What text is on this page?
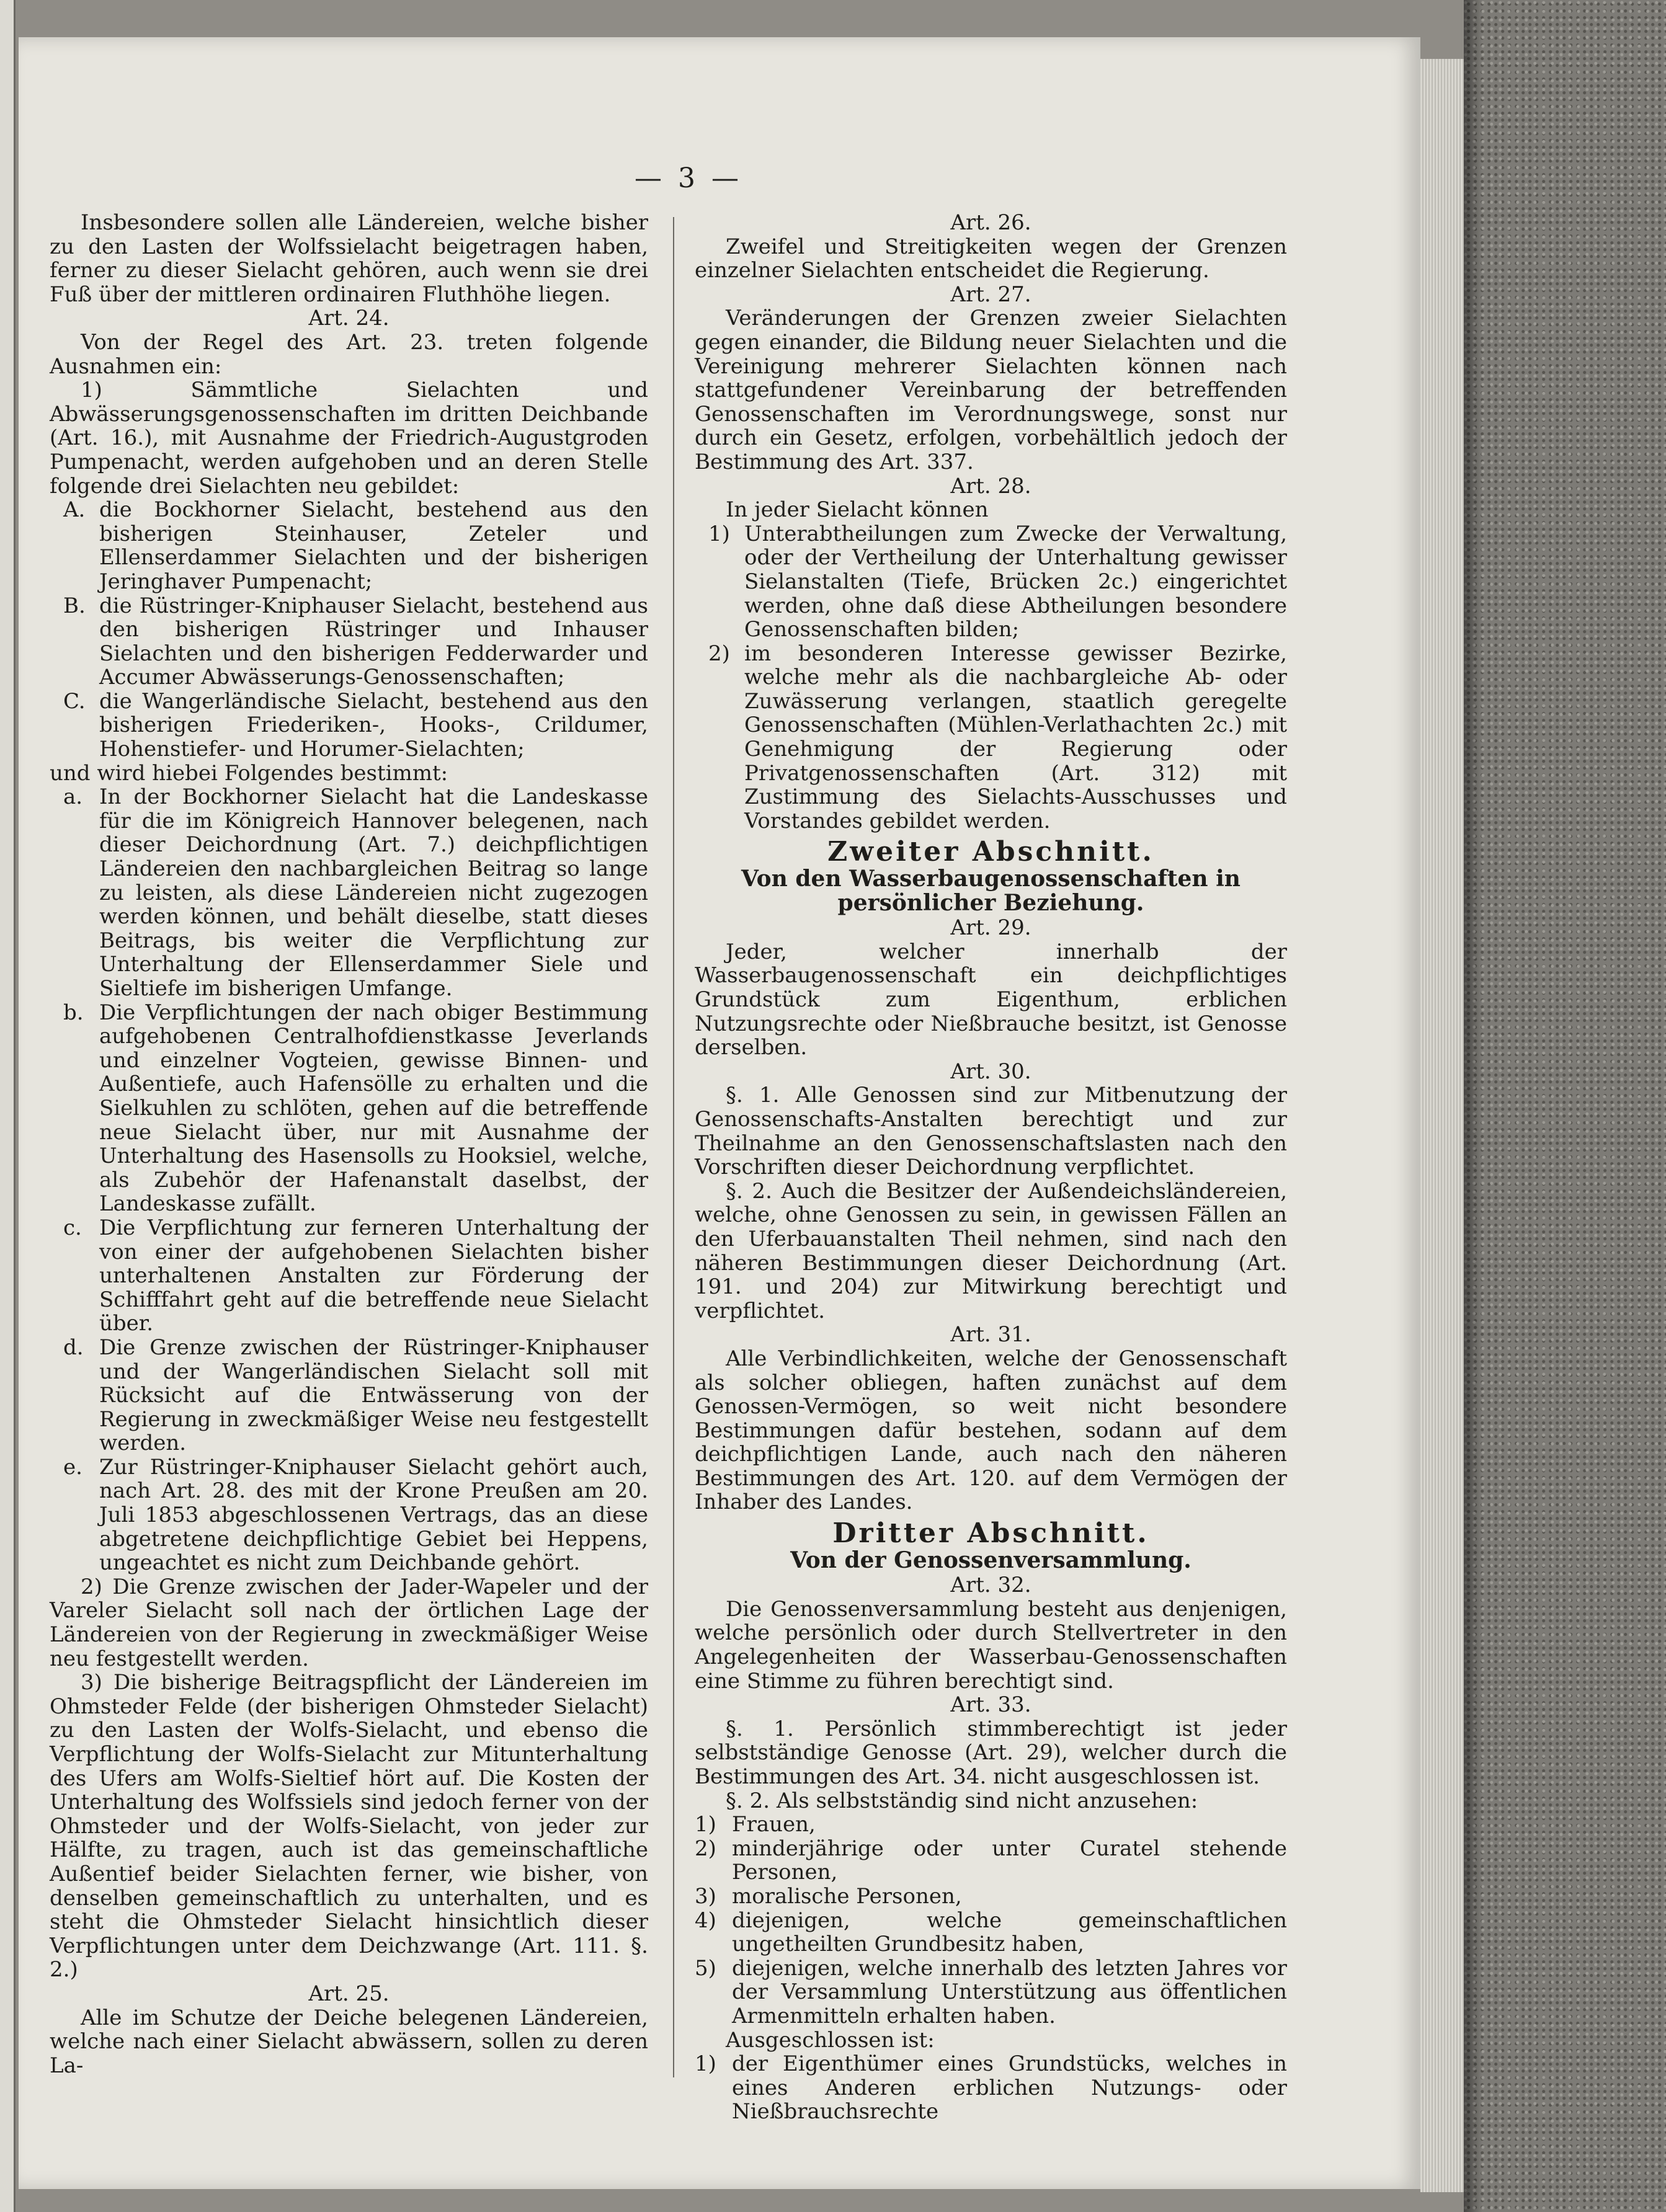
— 3 —

Insbesondere sollen alle Ländereien, welche bisher zu den Lasten der Wolfssielacht beigetragen haben, ferner zu dieser Sielacht gehören, auch wenn sie drei Fuß über der mittleren ordinairen Fluthhöhe liegen.

Art. 24.

Von der Regel des Art. 23. treten folgende Ausnahmen ein:

1) Sämmtliche Sielachten und Abwässerungsgenossenschaften im dritten Deichbande (Art. 16.), mit Ausnahme der Friedrich-Augustgroden Pumpenacht, werden aufgehoben und an deren Stelle folgende drei Sielachten neu gebildet:

A. die Bockhorner Sielacht, bestehend aus den bisherigen Steinhauser, Zeteler und Ellenserdammer Sielachten und der bisherigen Jeringhaver Pumpenacht;
B. die Rüstringer-Kniphauser Sielacht, bestehend aus den bisherigen Rüstringer und Inhauser Sielachten und den bisherigen Fedderwarder und Accumer Abwässerungs-Genossenschaften;
C. die Wangerländische Sielacht, bestehend aus den bisherigen Friederiken-, Hooks-, Crildumer, Hohenstiefer- und Horumer-Sielachten;

und wird hiebei Folgendes bestimmt:

a. In der Bockhorner Sielacht hat die Landeskasse für die im Königreich Hannover belegenen, nach dieser Deichordnung (Art. 7.) deichpflichtigen Ländereien den nachbargleichen Beitrag so lange zu leisten, als diese Ländereien nicht zugezogen werden können, und behält dieselbe, statt dieses Beitrags, bis weiter die Verpflichtung zur Unterhaltung der Ellenserdammer Siele und Sieltiefe im bisherigen Umfange.
b. Die Verpflichtungen der nach obiger Bestimmung aufgehobenen Centralhofdienstkasse Jeverlands und einzelner Vogteien, gewisse Binnen- und Außentiefe, auch Hafensölle zu erhalten und die Sielkuhlen zu schlöten, gehen auf die betreffende neue Sielacht über, nur mit Ausnahme der Unterhaltung des Hasensolls zu Hooksiel, welche, als Zubehör der Hafenanstalt daselbst, der Landeskasse zufällt.
c. Die Verpflichtung zur ferneren Unterhaltung der von einer der aufgehobenen Sielachten bisher unterhaltenen Anstalten zur Förderung der Schifffahrt geht auf die betreffende neue Sielacht über.
d. Die Grenze zwischen der Rüstringer-Kniphauser und der Wangerländischen Sielacht soll mit Rücksicht auf die Entwässerung von der Regierung in zweckmäßiger Weise neu festgestellt werden.
e. Zur Rüstringer-Kniphauser Sielacht gehört auch, nach Art. 28. des mit der Krone Preußen am 20. Juli 1853 abgeschlossenen Vertrags, das an diese abgetretene deichpflichtige Gebiet bei Heppens, ungeachtet es nicht zum Deichbande gehört.

2) Die Grenze zwischen der Jader-Wapeler und der Vareler Sielacht soll nach der örtlichen Lage der Ländereien von der Regierung in zweckmäßiger Weise neu festgestellt werden.

3) Die bisherige Beitragspflicht der Ländereien im Ohmsteder Felde (der bisherigen Ohmsteder Sielacht) zu den Lasten der Wolfs-Sielacht, und ebenso die Verpflichtung der Wolfs-Sielacht zur Mitunterhaltung des Ufers am Wolfs-Sieltief hört auf. Die Kosten der Unterhaltung des Wolfssiels sind jedoch ferner von der Ohmsteder und der Wolfs-Sielacht, von jeder zur Hälfte, zu tragen, auch ist das gemeinschaftliche Außentief beider Sielachten ferner, wie bisher, von denselben gemeinschaftlich zu unterhalten, und es steht die Ohmsteder Sielacht hinsichtlich dieser Verpflichtungen unter dem Deichzwange (Art. 111. §. 2.)

Art. 25.

Alle im Schutze der Deiche belegenen Ländereien, welche nach einer Sielacht abwässern, sollen zu deren La-

Art. 26.

Zweifel und Streitigkeiten wegen der Grenzen einzelner Sielachten entscheidet die Regierung.

Art. 27.

Veränderungen der Grenzen zweier Sielachten gegen einander, die Bildung neuer Sielachten und die Vereinigung mehrerer Sielachten können nach stattgefundener Vereinbarung der betreffenden Genossenschaften im Verordnungswege, sonst nur durch ein Gesetz, erfolgen, vorbehältlich jedoch der Bestimmung des Art. 337.

Art. 28.

In jeder Sielacht können

1) Unterabtheilungen zum Zwecke der Verwaltung, oder der Vertheilung der Unterhaltung gewisser Sielanstalten (Tiefe, Brücken 2c.) eingerichtet werden, ohne daß diese Abtheilungen besondere Genossenschaften bilden;
2) im besonderen Interesse gewisser Bezirke, welche mehr als die nachbargleiche Ab- oder Zuwässerung verlangen, staatlich geregelte Genossenschaften (Mühlen-Verlathachten 2c.) mit Genehmigung der Regierung oder Privatgenossenschaften (Art. 312) mit Zustimmung des Sielachts-Ausschusses und Vorstandes gebildet werden.

Zweiter Abschnitt.

Von den Wasserbaugenossenschaften in persönlicher Beziehung.

Art. 29.

Jeder, welcher innerhalb der Wasserbaugenossenschaft ein deichpflichtiges Grundstück zum Eigenthum, erblichen Nutzungsrechte oder Nießbrauche besitzt, ist Genosse derselben.

Art. 30.

§. 1. Alle Genossen sind zur Mitbenutzung der Genossenschafts-Anstalten berechtigt und zur Theilnahme an den Genossenschaftslasten nach den Vorschriften dieser Deichordnung verpflichtet.

§. 2. Auch die Besitzer der Außendeichsländereien, welche, ohne Genossen zu sein, in gewissen Fällen an den Uferbauanstalten Theil nehmen, sind nach den näheren Bestimmungen dieser Deichordnung (Art. 191. und 204) zur Mitwirkung berechtigt und verpflichtet.

Art. 31.

Alle Verbindlichkeiten, welche der Genossenschaft als solcher obliegen, haften zunächst auf dem Genossen-Vermögen, so weit nicht besondere Bestimmungen dafür bestehen, sodann auf dem deichpflichtigen Lande, auch nach den näheren Bestimmungen des Art. 120. auf dem Vermögen der Inhaber des Landes.

Dritter Abschnitt.

Von der Genossenversammlung.

Art. 32.

Die Genossenversammlung besteht aus denjenigen, welche persönlich oder durch Stellvertreter in den Angelegenheiten der Wasserbau-Genossenschaften eine Stimme zu führen berechtigt sind.

Art. 33.

§. 1. Persönlich stimmberechtigt ist jeder selbstständige Genosse (Art. 29), welcher durch die Bestimmungen des Art. 34. nicht ausgeschlossen ist.

§. 2. Als selbstständig sind nicht anzusehen:

1) Frauen,
2) minderjährige oder unter Curatel stehende Personen,
3) moralische Personen,
4) diejenigen, welche gemeinschaftlichen ungetheilten Grundbesitz haben,
5) diejenigen, welche innerhalb des letzten Jahres vor der Versammlung Unterstützung aus öffentlichen Armenmitteln erhalten haben.

Ausgeschlossen ist:

1) der Eigenthümer eines Grundstücks, welches in eines Anderen erblichen Nutzungs- oder Nießbrauchsrechte
